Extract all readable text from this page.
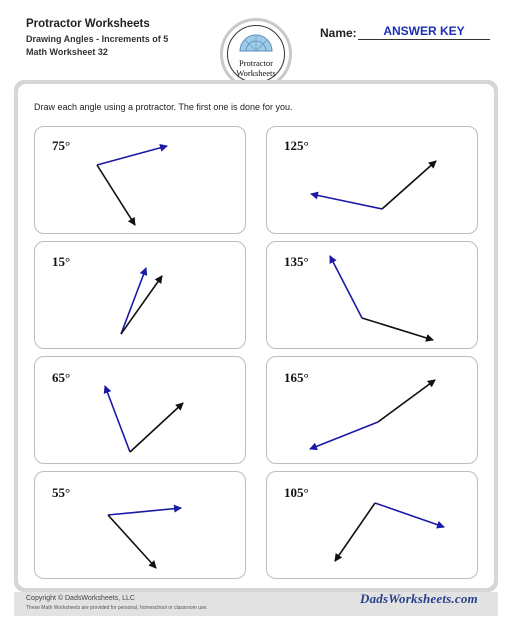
Protractor Worksheets
Drawing Angles - Increments of 5
Math Worksheet 32
Protractor
Worksheets
Name:	ANSWER KEY
Draw each angle using a protractor. The first one is done for you.
75°	125°
15°	135°
65°	165°
55°	105°
Copyright © DadsWorksheets, LLC
These Math Worksheets are provided for personal, homeschool or classroom use.
DadsWorksheets.com
